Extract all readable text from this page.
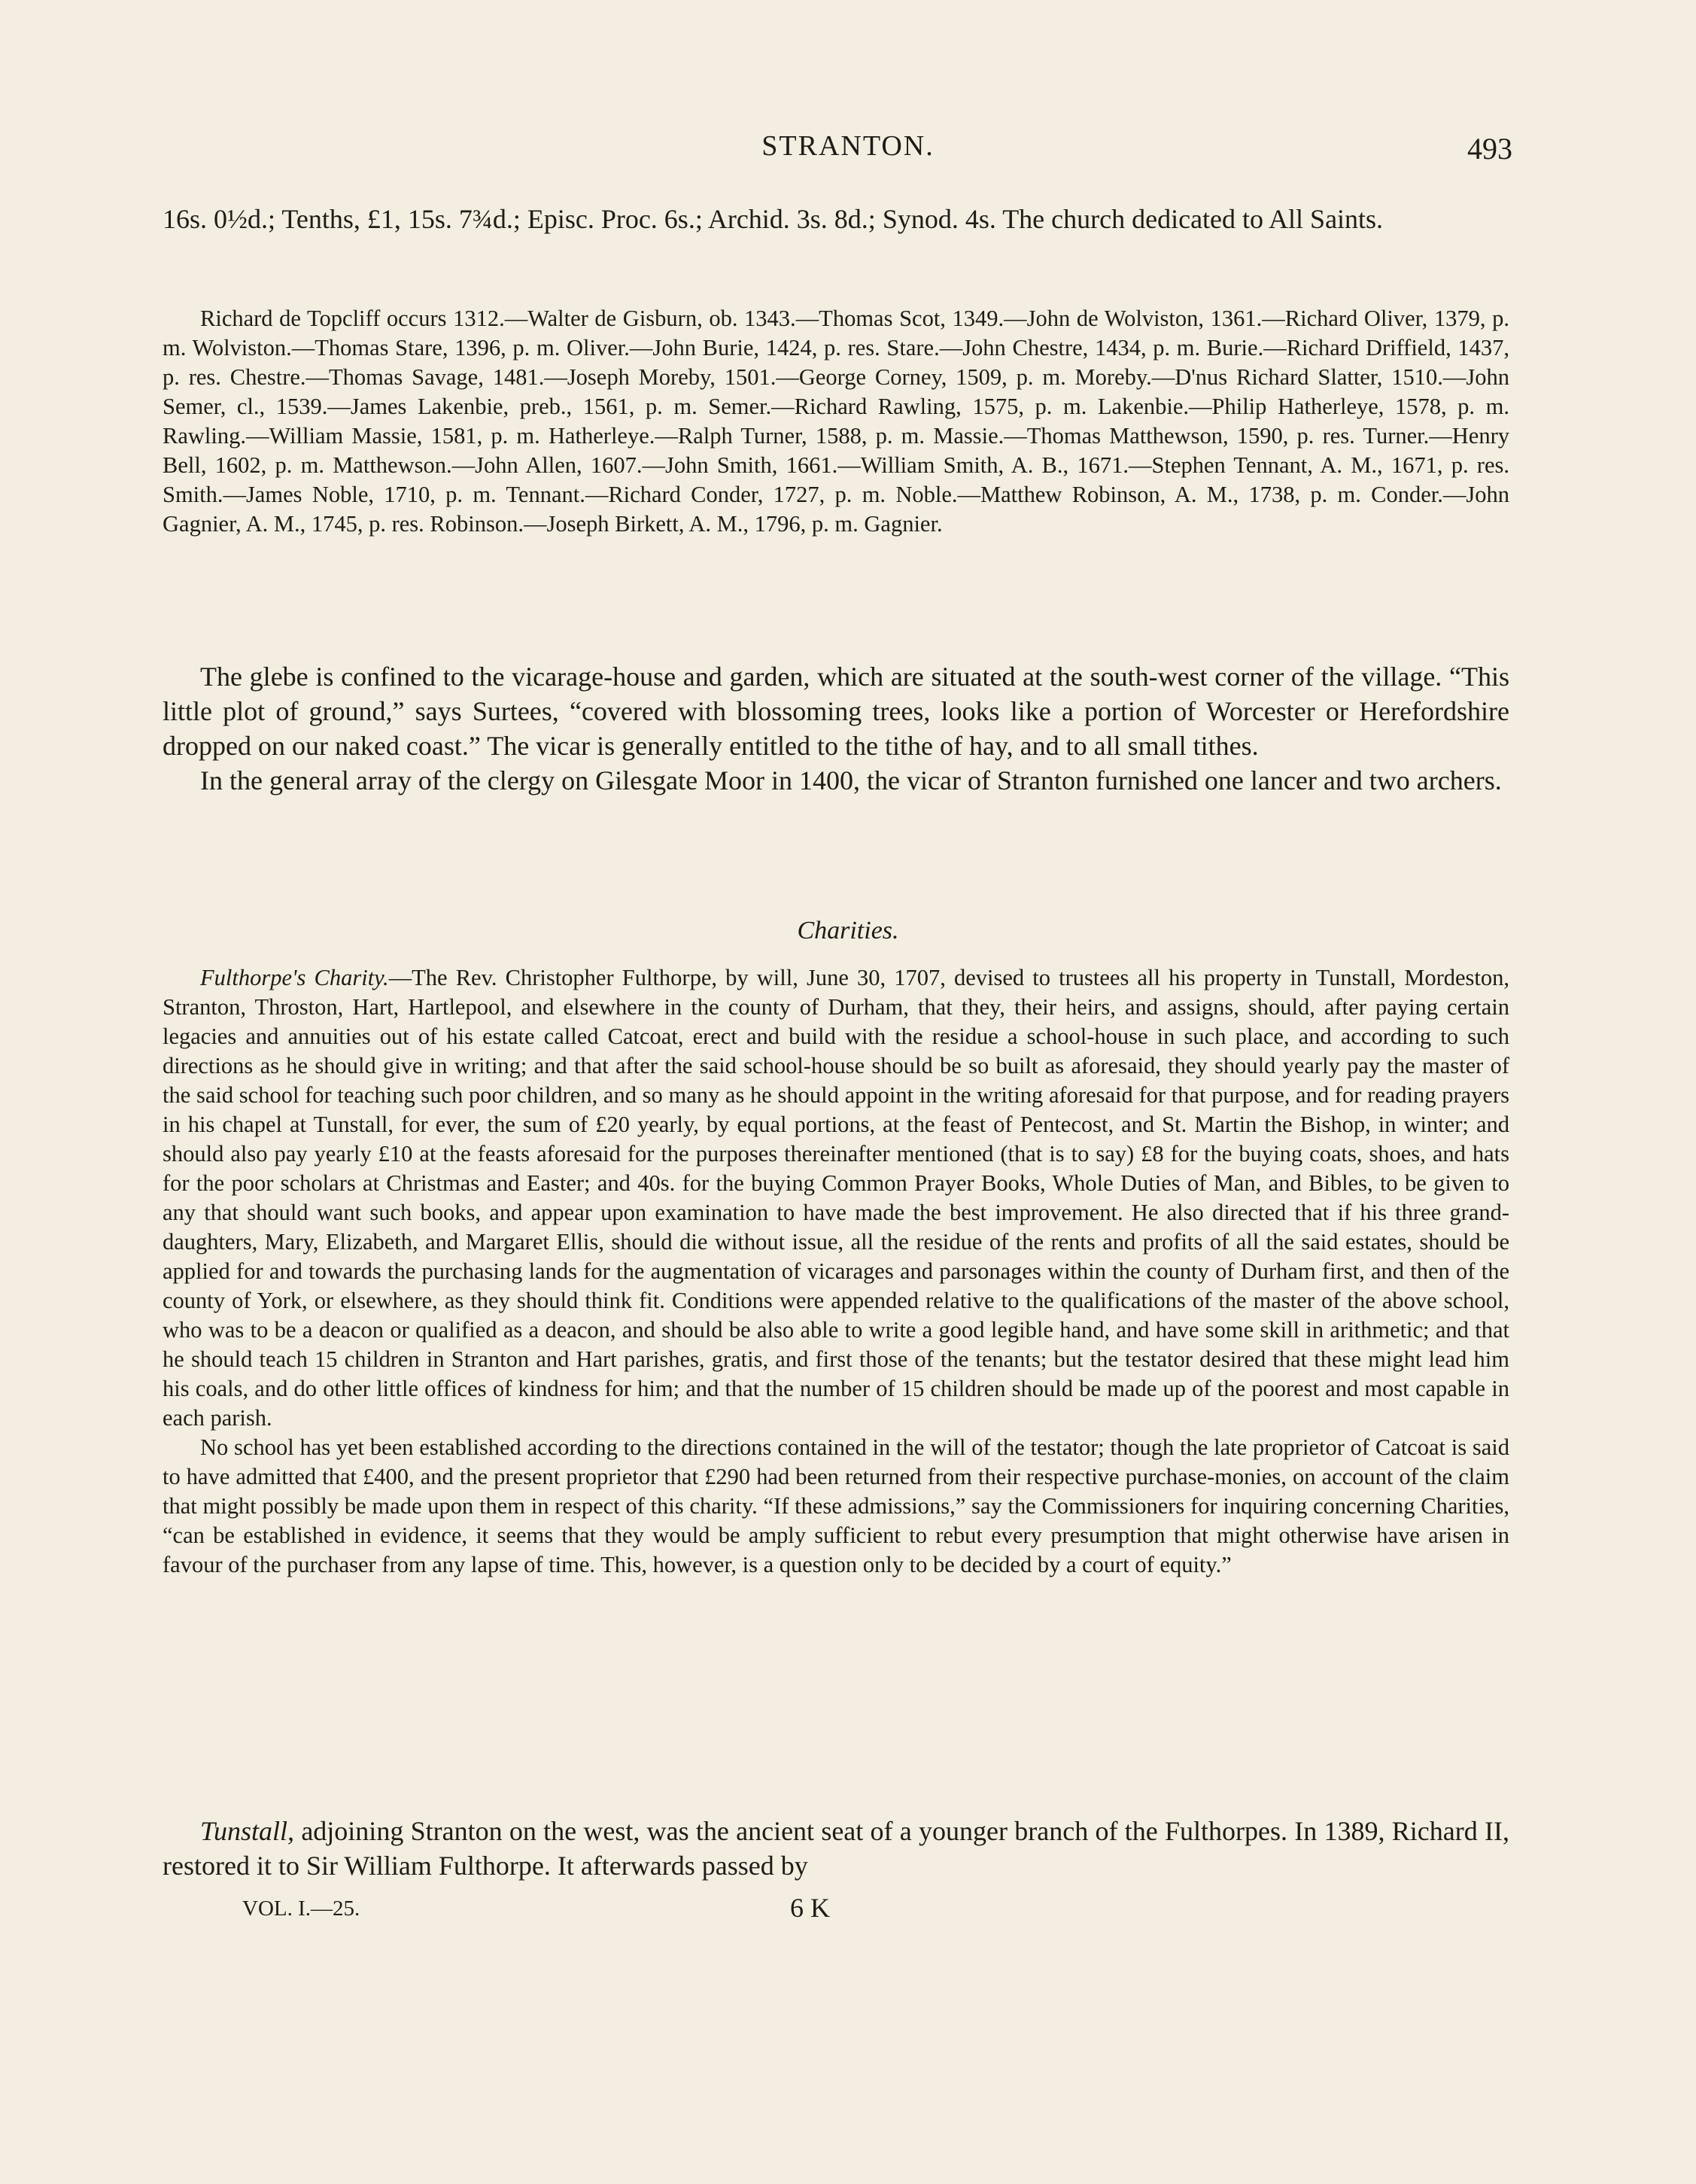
STRANTON.	493

16s. 0½d.; Tenths, £1, 15s. 7¾d.; Episc. Proc. 6s.; Archid. 3s. 8d.; Synod. 4s. The church dedicated to All Saints.

Richard de Topcliff occurs 1312.—Walter de Gisburn, ob. 1343.—Thomas Scot, 1349.—John de Wolviston, 1361.—Richard Oliver, 1379, p. m. Wolviston.—Thomas Stare, 1396, p. m. Oliver.—John Burie, 1424, p. res. Stare.—John Chestre, 1434, p. m. Burie.—Richard Driffield, 1437, p. res. Chestre.—Thomas Savage, 1481.—Joseph Moreby, 1501.—George Corney, 1509, p. m. Moreby.—D'nus Richard Slatter, 1510.—John Semer, cl., 1539.—James Lakenbie, preb., 1561, p. m. Semer.—Richard Rawling, 1575, p. m. Lakenbie.—Philip Hatherleye, 1578, p. m. Rawling.—William Massie, 1581, p. m. Hatherleye.—Ralph Turner, 1588, p. m. Massie.—Thomas Matthewson, 1590, p. res. Turner.—Henry Bell, 1602, p. m. Matthewson.—John Allen, 1607.—John Smith, 1661.—William Smith, A. B., 1671.—Stephen Tennant, A. M., 1671, p. res. Smith.—James Noble, 1710, p. m. Tennant.—Richard Conder, 1727, p. m. Noble.—Matthew Robinson, A. M., 1738, p. m. Conder.—John Gagnier, A. M., 1745, p. res. Robinson.—Joseph Birkett, A. M., 1796, p. m. Gagnier.

The glebe is confined to the vicarage-house and garden, which are situated at the south-west corner of the village. “This little plot of ground,” says Surtees, “covered with blossoming trees, looks like a portion of Worcester or Herefordshire dropped on our naked coast.” The vicar is generally entitled to the tithe of hay, and to all small tithes.

In the general array of the clergy on Gilesgate Moor in 1400, the vicar of Stranton furnished one lancer and two archers.

Charities.

Fulthorpe's Charity.—The Rev. Christopher Fulthorpe, by will, June 30, 1707, devised to trustees all his property in Tunstall, Mordeston, Stranton, Throston, Hart, Hartlepool, and elsewhere in the county of Durham, that they, their heirs, and assigns, should, after paying certain legacies and annuities out of his estate called Catcoat, erect and build with the residue a school-house in such place, and according to such directions as he should give in writing; and that after the said school-house should be so built as aforesaid, they should yearly pay the master of the said school for teaching such poor children, and so many as he should appoint in the writing aforesaid for that purpose, and for reading prayers in his chapel at Tunstall, for ever, the sum of £20 yearly, by equal portions, at the feast of Pentecost, and St. Martin the Bishop, in winter; and should also pay yearly £10 at the feasts aforesaid for the purposes thereinafter mentioned (that is to say) £8 for the buying coats, shoes, and hats for the poor scholars at Christmas and Easter; and 40s. for the buying Common Prayer Books, Whole Duties of Man, and Bibles, to be given to any that should want such books, and appear upon examination to have made the best improvement. He also directed that if his three grand-daughters, Mary, Elizabeth, and Margaret Ellis, should die without issue, all the residue of the rents and profits of all the said estates, should be applied for and towards the purchasing lands for the augmentation of vicarages and parsonages within the county of Durham first, and then of the county of York, or elsewhere, as they should think fit. Conditions were appended relative to the qualifications of the master of the above school, who was to be a deacon or qualified as a deacon, and should be also able to write a good legible hand, and have some skill in arithmetic; and that he should teach 15 children in Stranton and Hart parishes, gratis, and first those of the tenants; but the testator desired that these might lead him his coals, and do other little offices of kindness for him; and that the number of 15 children should be made up of the poorest and most capable in each parish.

No school has yet been established according to the directions contained in the will of the testator; though the late proprietor of Catcoat is said to have admitted that £400, and the present proprietor that £290 had been returned from their respective purchase-monies, on account of the claim that might possibly be made upon them in respect of this charity. “If these admissions,” say the Commissioners for inquiring concerning Charities, “can be established in evidence, it seems that they would be amply sufficient to rebut every presumption that might otherwise have arisen in favour of the purchaser from any lapse of time. This, however, is a question only to be decided by a court of equity.”

Tunstall, adjoining Stranton on the west, was the ancient seat of a younger branch of the Fulthorpes. In 1389, Richard II, restored it to Sir William Fulthorpe. It afterwards passed by

VOL. I.—25.	6 K
